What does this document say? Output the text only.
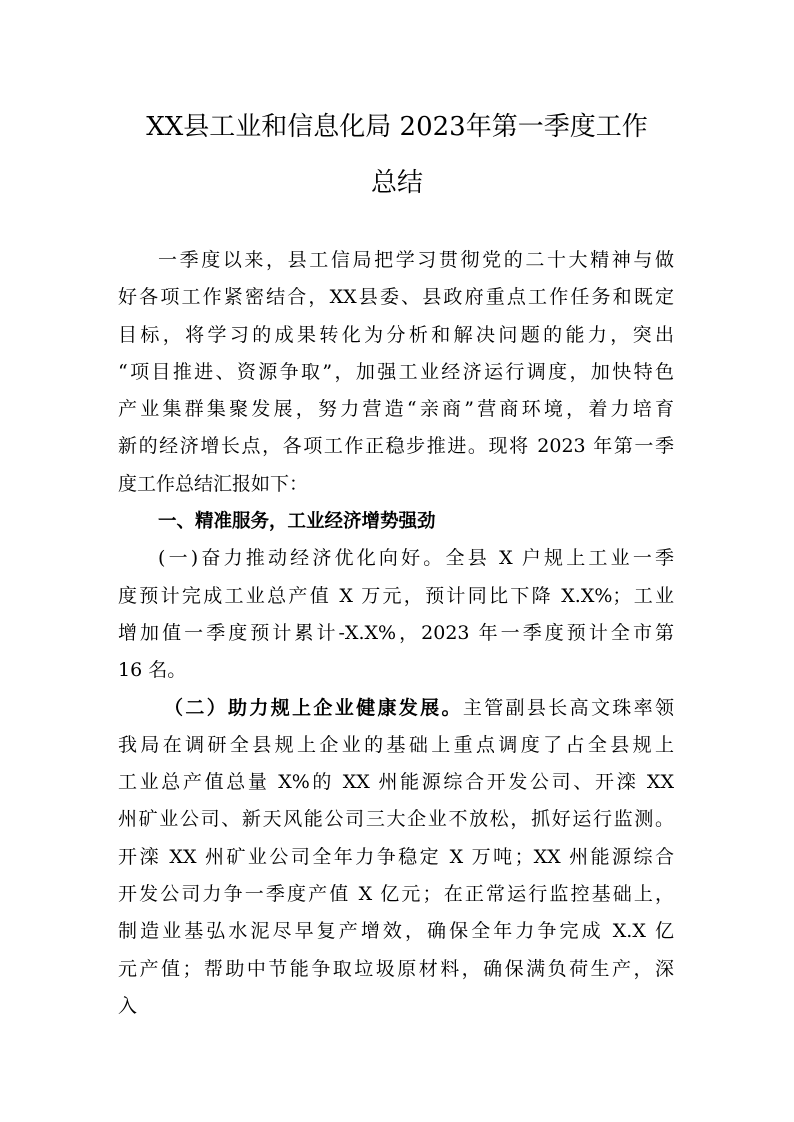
XX县工业和信息化局 2023年第一季度工作
总结
一季度以来，县工信局把学习贯彻党的二十大精神与做
好各项工作紧密结合，XX县委、县政府重点工作任务和既定
目标，将学习的成果转化为分析和解决问题的能力，突出
“项目推进、资源争取”，加强工业经济运行调度，加快特色
产业集群集聚发展，努力营造“亲商”营商环境，着力培育
新的经济增长点，各项工作正稳步推进。现将 2023 年第一季
度工作总结汇报如下：
一、精准服务，工业经济增势强劲
(一)奋力推动经济优化向好。全县 X 户规上工业一季
度预计完成工业总产值 X 万元，预计同比下降 X.X%；工业
增加值一季度预计累计-X.X%，2023 年一季度预计全市第
16 名。
（二）助力规上企业健康发展。主管副县长高文珠率领
我局在调研全县规上企业的基础上重点调度了占全县规上
工业总产值总量 X%的 XX 州能源综合开发公司、开滦 XX
州矿业公司、新天风能公司三大企业不放松，抓好运行监测。
开滦 XX 州矿业公司全年力争稳定 X 万吨；XX 州能源综合
开发公司力争一季度产值 X 亿元；在正常运行监控基础上，
制造业基弘水泥尽早复产增效，确保全年力争完成 X.X 亿
元产值；帮助中节能争取垃圾原材料，确保满负荷生产，深
入
